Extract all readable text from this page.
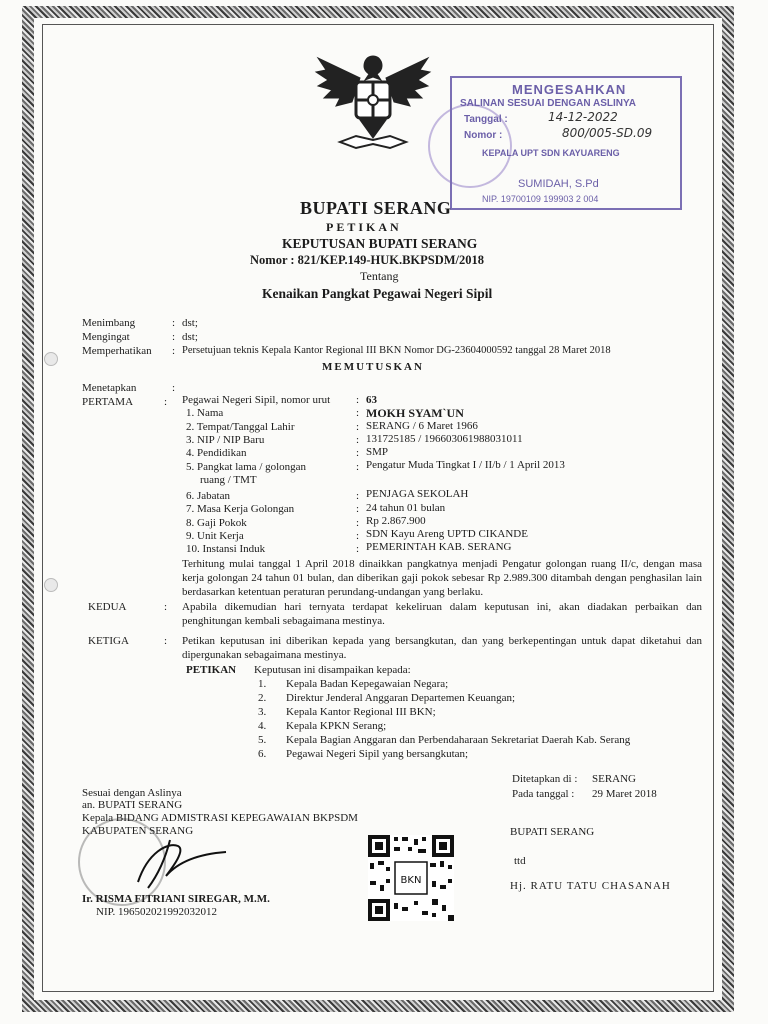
MENGESAHKAN
SALINAN SESUAI DENGAN ASLINYA
Tanggal :	14-12-2022
Nomor :	800/005-SD.09
KEPALA UPT SDN KAYUARENG
SUMIDAH, S.Pd
NIP. 19700109 199903 2 004
BUPATI SERANG
PETIKAN
KEPUTUSAN BUPATI SERANG
Nomor : 821/KEP.149-HUK.BKPSDM/2018
Tentang
Kenaikan Pangkat Pegawai Negeri Sipil
Menimbang	: dst;
Mengingat	: dst;
Memperhatikan : Persetujuan teknis Kepala Kantor Regional III BKN Nomor DG-23604000592 tanggal 28 Maret 2018
MEMUTUSKAN
Menetapkan	:
PERTAMA	: Pegawai Negeri Sipil, nomor urut : 63
1. Nama	: MOKH SYAM`UN
2. Tempat/Tanggal Lahir	: SERANG / 6 Maret 1966
3. NIP / NIP Baru	: 131725185 / 196603061988031011
4. Pendidikan	: SMP
5. Pangkat lama / golongan	: Pengatur Muda Tingkat I / II/b / 1 April 2013
ruang / TMT
6. Jabatan	: PENJAGA SEKOLAH
7. Masa Kerja Golongan	: 24 tahun 01 bulan
8. Gaji Pokok	: Rp 2.867.900
9. Unit Kerja	: SDN Kayu Areng UPTD CIKANDE
10. Instansi Induk	: PEMERINTAH KAB. SERANG
Terhitung mulai tanggal 1 April 2018 dinaikkan pangkatnya menjadi Pengatur golongan ruang II/c, dengan masa kerja golongan 24 tahun 01 bulan, dan diberikan gaji pokok sebesar Rp 2.989.300 ditambah dengan penghasilan lain berdasarkan ketentuan peraturan perundang-undangan yang berlaku.
KEDUA	: Apabila dikemudian hari ternyata terdapat kekeliruan dalam keputusan ini, akan diadakan perbaikan dan penghitungan kembali sebagaimana mestinya.
KETIGA	: Petikan keputusan ini diberikan kepada yang bersangkutan, dan yang berkepentingan untuk dapat diketahui dan dipergunakan sebagaimana mestinya.
PETIKAN Keputusan ini disampaikan kepada:
1. Kepala Badan Kepegawaian Negara;
2. Direktur Jenderal Anggaran Departemen Keuangan;
3. Kepala Kantor Regional III BKN;
4. Kepala KPKN Serang;
5. Kepala Bagian Anggaran dan Perbendaharaan Sekretariat Daerah Kab. Serang
6. Pegawai Negeri Sipil yang bersangkutan;
Ditetapkan di : SERANG
Pada tanggal : 29 Maret 2018
Sesuai dengan Aslinya
an. BUPATI SERANG
Kepala BIDANG ADMISTRASI KEPEGAWAIAN BKPSDM
KABUPATEN SERANG
Ir. RISMA FITRIANI SIREGAR, M.M.
NIP. 196502021992032012
BKN
BUPATI SERANG
ttd
Hj. RATU TATU CHASANAH
